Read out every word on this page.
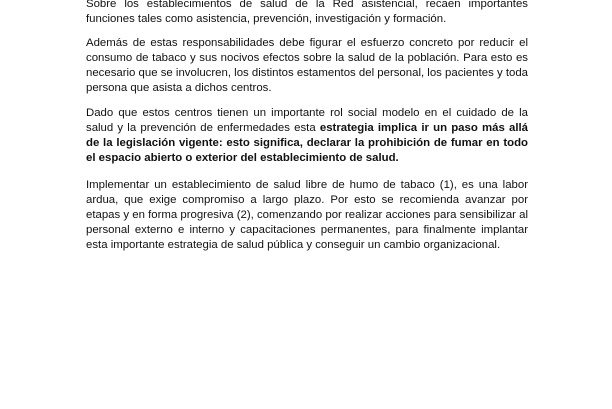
Sobre los establecimientos de salud de la Red asistencial, recaen importantes funciones tales como asistencia, prevención, investigación y formación.

Además de estas responsabilidades debe figurar el esfuerzo concreto por reducir el consumo de tabaco y sus nocivos efectos sobre la salud de la población. Para esto es necesario que se involucren, los distintos estamentos del personal, los pacientes y toda persona que asista a dichos centros.

Dado que estos centros tienen un importante rol social modelo en el cuidado de la salud y la prevención de enfermedades esta estrategia implica ir un paso más allá de la legislación vigente: esto significa, declarar la prohibición de fumar en todo el espacio abierto o exterior del establecimiento de salud.

Implementar un establecimiento de salud libre de humo de tabaco (1), es una labor ardua, que exige compromiso a largo plazo. Por esto se recomienda avanzar por etapas y en forma progresiva (2), comenzando por realizar acciones para sensibilizar al personal externo e interno y capacitaciones permanentes, para finalmente implantar esta importante estrategia de salud pública y conseguir un cambio organizacional.
